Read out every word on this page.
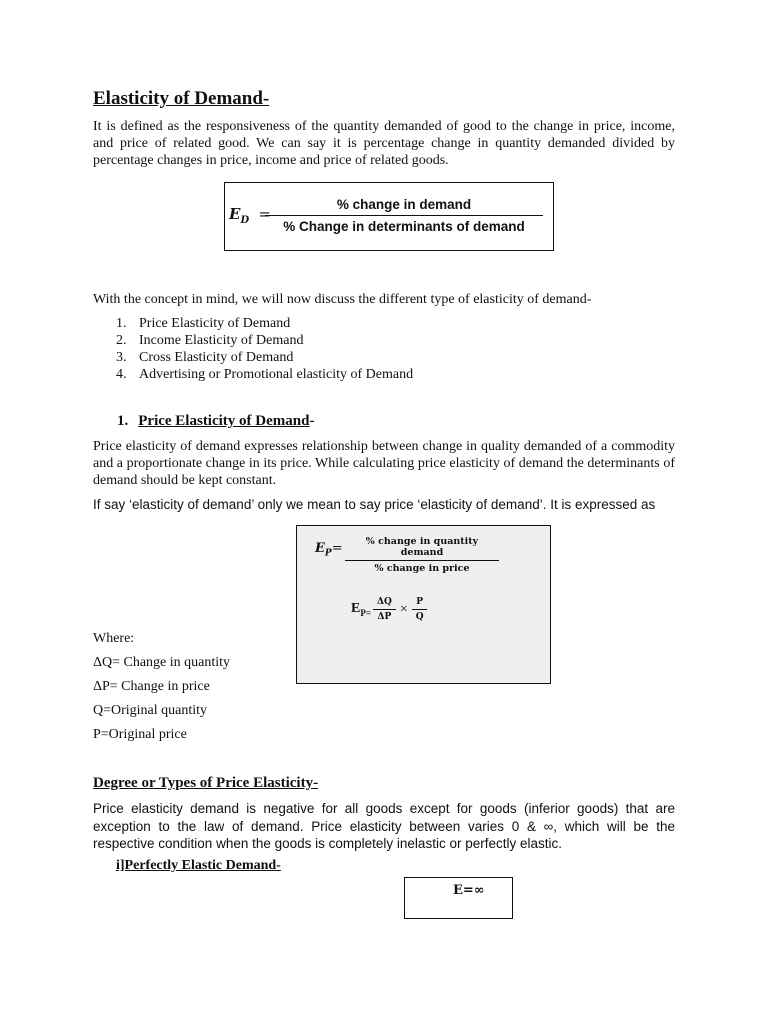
Elasticity of Demand-
It is defined as the responsiveness of the quantity demanded of good to the change in price, income, and price of related good. We can say it is percentage change in quantity demanded divided by percentage changes in price, income and price of related goods.
$E_D$ =
% change in demand
% Change in determinants of demand
With the concept in mind, we will now discuss the different type of elasticity of demand-
1. Price Elasticity of Demand
2. Income Elasticity of Demand
3. Cross Elasticity of Demand
4. Advertising or Promotional elasticity of Demand
1. Price Elasticity of Demand-
Price elasticity of demand expresses relationship between change in quality demanded of a commodity and a proportionate change in its price. While calculating price elasticity of demand the determinants of demand should be kept constant.
If say ‘elasticity of demand’ only we mean to say price ‘elasticity of demand’. It is expressed as
$E_P=$	% change in quantity demand
% change in price
$E_{P=} \frac{\Delta Q}{\Delta P} \times \frac{P}{Q}$
Where:
ΔQ= Change in quantity
ΔP= Change in price
Q=Original quantity
P=Original price
Degree or Types of Price Elasticity-
Price elasticity demand is negative for all goods except for goods (inferior goods) that are exception to the law of demand. Price elasticity between varies 0 & ∞, which will be the respective condition when the goods is completely inelastic or perfectly elastic.
i]Perfectly Elastic Demand-
E=∞
